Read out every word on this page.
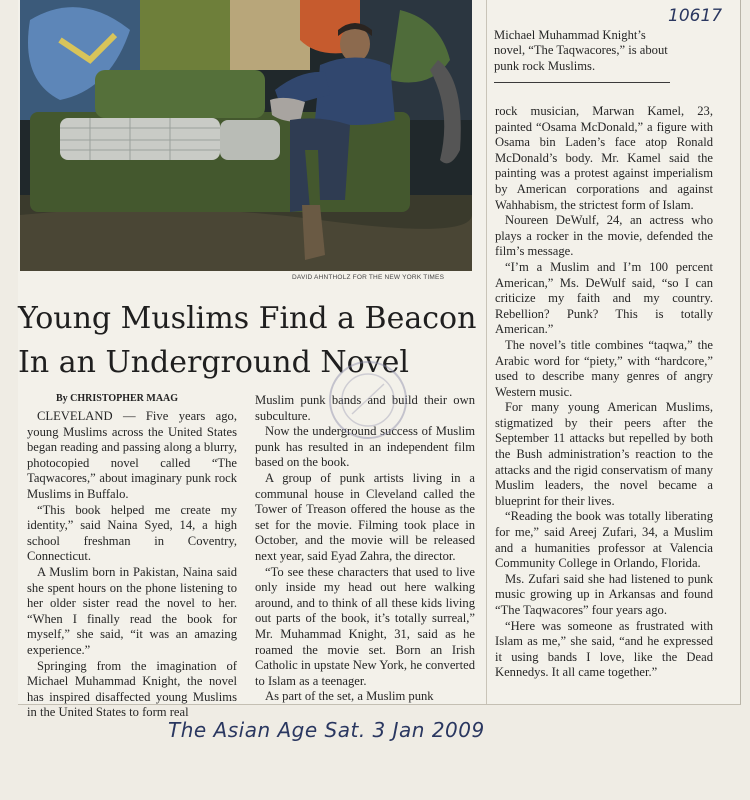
DAVID AHNTHOLZ FOR THE NEW YORK TIMES
Michael Muhammad Knight’s novel, “The Taqwacores,” is about punk rock Muslims.
Young Muslims Find a Beacon
In an Underground Novel
By CHRISTOPHER MAAG

CLEVELAND — Five years ago, young Muslims across the United States began reading and passing along a blurry, photocopied novel called “The Taqwacores,” about imaginary punk rock Muslims in Buffalo.

“This book helped me create my identity,” said Naina Syed, 14, a high school freshman in Coventry, Connecticut.

A Muslim born in Pakistan, Naina said she spent hours on the phone listening to her older sister read the novel to her. “When I finally read the book for myself,” she said, “it was an amazing experience.”

Springing from the imagination of Michael Muhammad Knight, the novel has inspired disaffected young Muslims in the United States to form real

Muslim punk bands and build their own subculture.

Now the underground success of Muslim punk has resulted in an independent film based on the book.

A group of punk artists living in a communal house in Cleveland called the Tower of Treason offered the house as the set for the movie. Filming took place in October, and the movie will be released next year, said Eyad Zahra, the director.

“To see these characters that used to live only inside my head out here walking around, and to think of all these kids living out parts of the book, it’s totally surreal,” Mr. Muhammad Knight, 31, said as he roamed the movie set. Born an Irish Catholic in upstate New York, he converted to Islam as a teenager.

As part of the set, a Muslim punk

rock musician, Marwan Kamel, 23, painted “Osama McDonald,” a figure with Osama bin Laden’s face atop Ronald McDonald’s body. Mr. Kamel said the painting was a protest against imperialism by American corporations and against Wahhabism, the strictest form of Islam.

Noureen DeWulf, 24, an actress who plays a rocker in the movie, defended the film’s message.

“I’m a Muslim and I’m 100 percent American,” Ms. DeWulf said, “so I can criticize my faith and my country. Rebellion? Punk? This is totally American.”

The novel’s title combines “taqwa,” the Arabic word for “piety,” with “hardcore,” used to describe many genres of angry Western music.

For many young American Muslims, stigmatized by their peers after the September 11 attacks but repelled by both the Bush administration’s reaction to the attacks and the rigid conservatism of many Muslim leaders, the novel became a blueprint for their lives.

“Reading the book was totally liberating for me,” said Areej Zufari, 34, a Muslim and a humanities professor at Valencia Community College in Orlando, Florida.

Ms. Zufari said she had listened to punk music growing up in Arkansas and found “The Taqwacores” four years ago.

“Here was someone as frustrated with Islam as me,” she said, “and he expressed it using bands I love, like the Dead Kennedys. It all came together.”

10617
The Asian Age Sat. 3 Jan 2009
